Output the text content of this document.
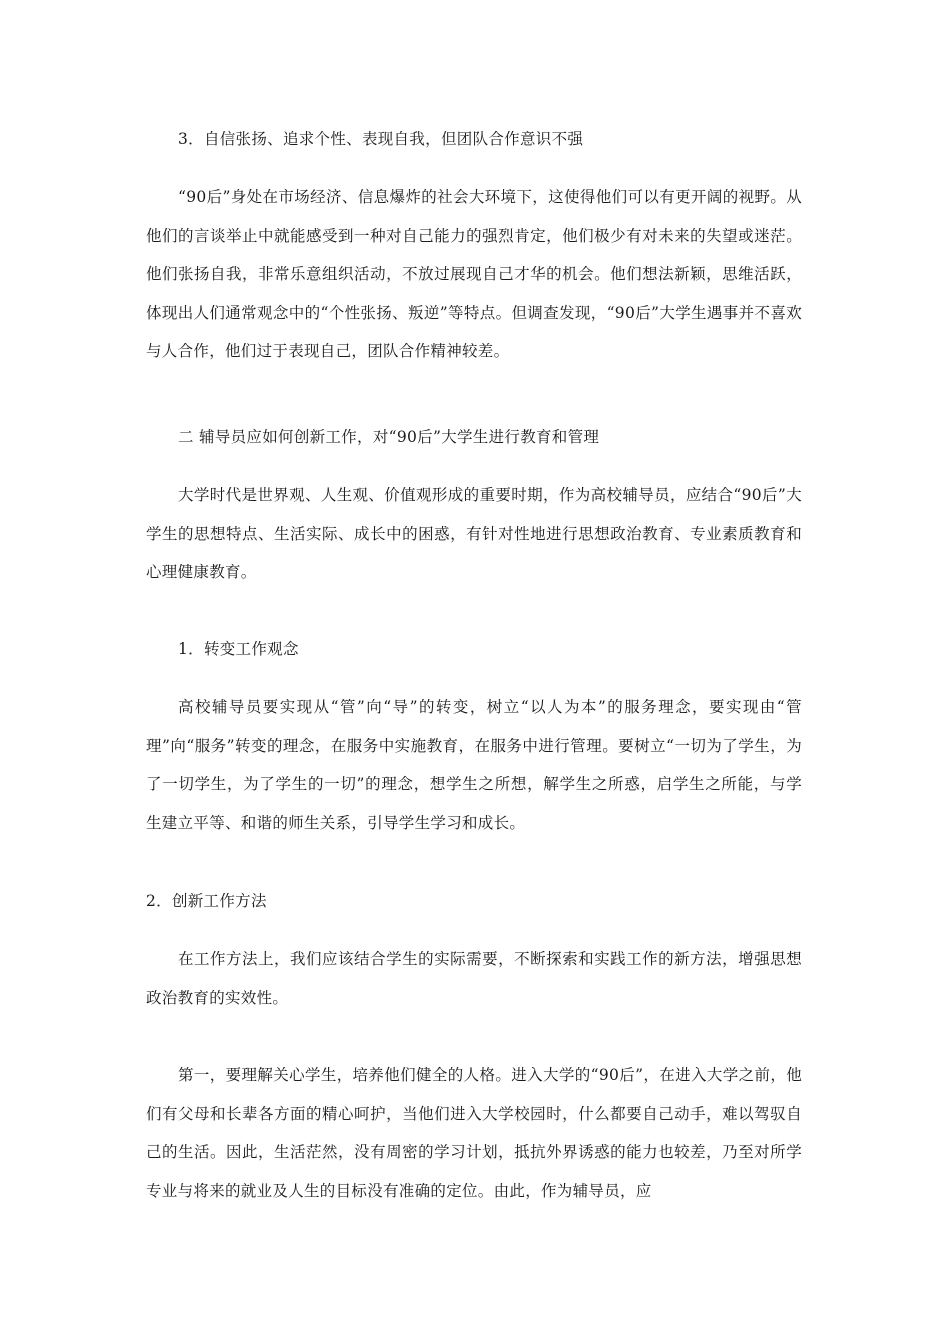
3．自信张扬、追求个性、表现自我，但团队合作意识不强

“90后”身处在市场经济、信息爆炸的社会大环境下，这使得他们可以有更开阔的视野。从他们的言谈举止中就能感受到一种对自己能力的强烈肯定，他们极少有对未来的失望或迷茫。他们张扬自我，非常乐意组织活动，不放过展现自己才华的机会。他们想法新颖，思维活跃，体现出人们通常观念中的“个性张扬、叛逆”等特点。但调查发现，“90后”大学生遇事并不喜欢与人合作，他们过于表现自己，团队合作精神较差。

二 辅导员应如何创新工作，对“90后”大学生进行教育和管理

大学时代是世界观、人生观、价值观形成的重要时期，作为高校辅导员，应结合“90后”大学生的思想特点、生活实际、成长中的困惑，有针对性地进行思想政治教育、专业素质教育和心理健康教育。

1．转变工作观念

高校辅导员要实现从“管”向“导”的转变，树立“以人为本”的服务理念，要实现由“管理”向“服务”转变的理念，在服务中实施教育，在服务中进行管理。要树立“一切为了学生，为了一切学生，为了学生的一切”的理念，想学生之所想，解学生之所惑，启学生之所能，与学生建立平等、和谐的师生关系，引导学生学习和成长。

2．创新工作方法

在工作方法上，我们应该结合学生的实际需要，不断探索和实践工作的新方法，增强思想政治教育的实效性。

第一，要理解关心学生，培养他们健全的人格。进入大学的“90后”，在进入大学之前，他们有父母和长辈各方面的精心呵护，当他们进入大学校园时，什么都要自己动手，难以驾驭自己的生活。因此，生活茫然，没有周密的学习计划，抵抗外界诱惑的能力也较差，乃至对所学专业与将来的就业及人生的目标没有准确的定位。由此，作为辅导员，应
